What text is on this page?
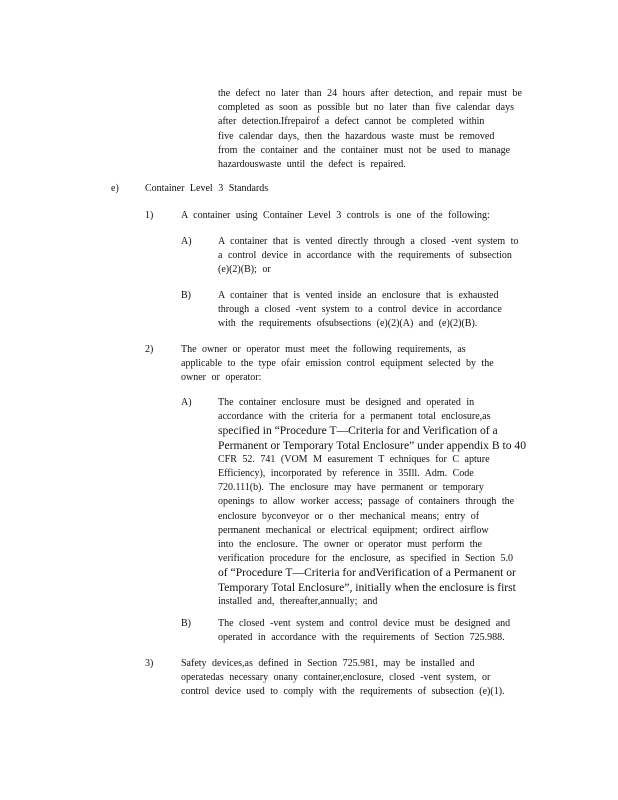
the defect no later than 24 hours after detection, and repair must be
completed as soon as possible but no later than five calendar days
after detection.Ifrepairof a defect cannot be completed within
five calendar days, then the hazardous waste must be removed
from the container and the container must not be used to manage
hazardouswaste until the defect is repaired.
e)	Container Level 3 Standards
1)	A container using Container Level 3 controls is one of the following:
A)	A container that is vented directly through a closed -vent system to
a control device in accordance with the requirements of subsection
(e)(2)(B); or
B)	A container that is vented inside an enclosure that is exhausted
through a closed -vent system to a control device in accordance
with the requirements ofsubsections (e)(2)(A) and (e)(2)(B).
2)	The owner or operator must meet the following requirements, as
applicable to the type ofair emission control equipment selected by the
owner or operator:
A)	The container enclosure must be designed and operated in
accordance with the criteria for a permanent total enclosure,as
specified in “Procedure T—Criteria for and Verification of a
Permanent or Temporary Total Enclosure” under appendix B to 40
CFR 52. 741 (VOM M easurement T echniques for C apture
Efficiency), incorporated by reference in 35Ill. Adm. Code
720.111(b). The enclosure may have permanent or temporary
openings to allow worker access; passage of containers through the
enclosure byconveyor or o ther mechanical means; entry of
permanent mechanical or electrical equipment; ordirect airflow
into the enclosure. The owner or operator must perform the
verification procedure for the enclosure, as specified in Section 5.0
of “Procedure T—Criteria for andVerification of a Permanent or
Temporary Total Enclosure”, initially when the enclosure is first
installed and, thereafter,annually; and
B)	The closed -vent system and control device must be designed and
operated in accordance with the requirements of Section 725.988.
3)	Safety devices,as defined in Section 725.981, may be installed and
operatedas necessary onany container,enclosure, closed -vent system, or
control device used to comply with the requirements of subsection (e)(1).
